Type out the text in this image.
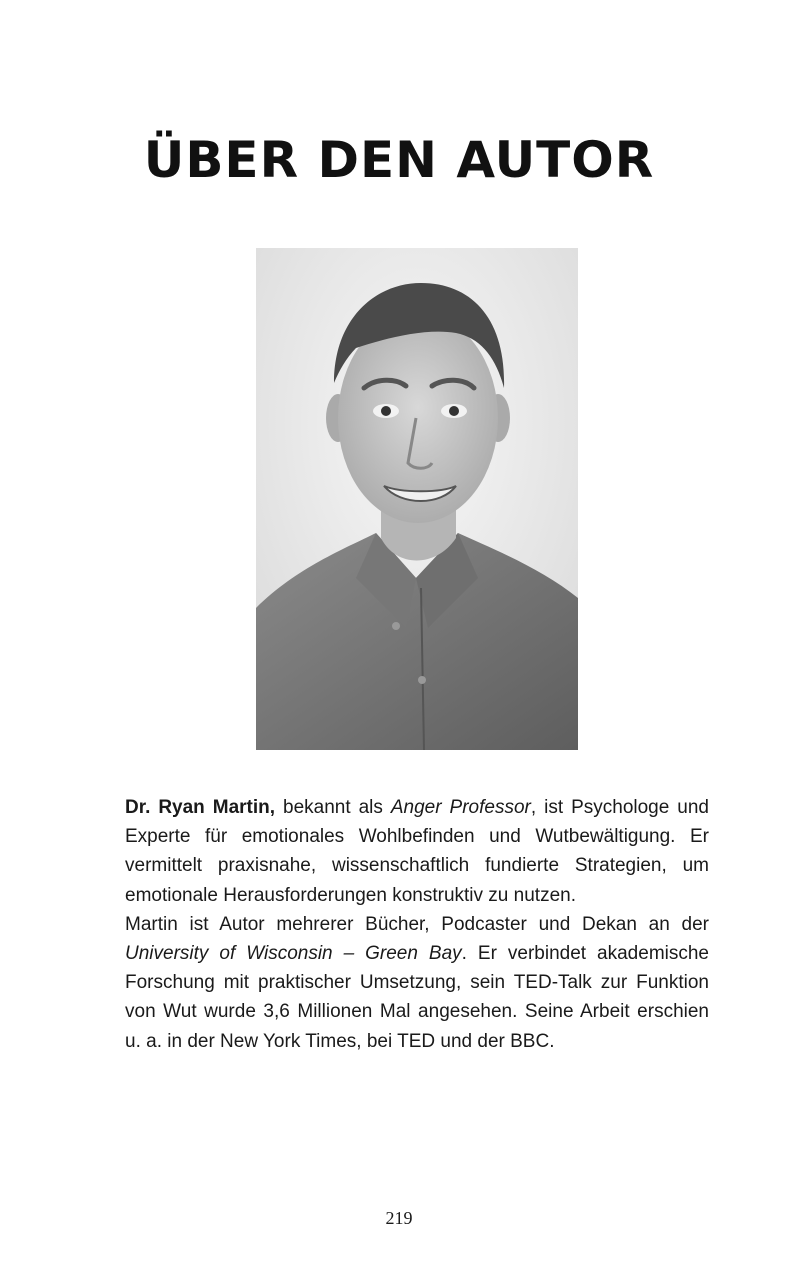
ÜBER DEN AUTOR

Dr. Ryan Martin, bekannt als Anger Professor, ist Psychologe und Experte für emotionales Wohlbefinden und Wutbewältigung. Er vermittelt praxisnahe, wissenschaftlich fundierte Strategien, um emotionale Herausforderungen konstruktiv zu nutzen.

Martin ist Autor mehrerer Bücher, Podcaster und Dekan an der University of Wisconsin – Green Bay. Er verbindet akademische Forschung mit praktischer Umsetzung, sein TED-Talk zur Funktion von Wut wurde 3,6 Millionen Mal angesehen. Seine Arbeit erschien u. a. in der New York Times, bei TED und der BBC.

219
